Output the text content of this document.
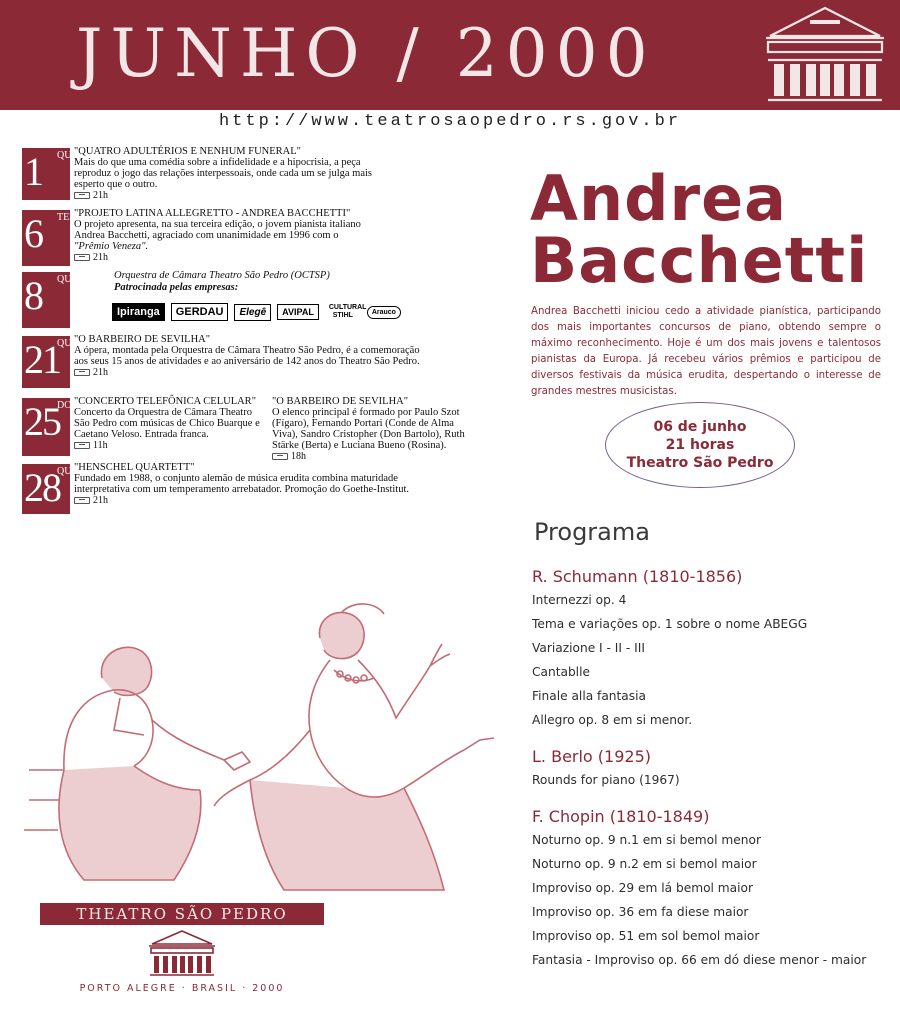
JUNHO / 2000
http://www.teatrosaopedro.rs.gov.br
1 QUI "QUATRO ADULTÉRIOS E NENHUM FUNERAL"
Mais do que uma comédia sobre a infidelidade e a hipocrisia, a peça
reproduz o jogo das relações interpessoais, onde cada um se julga mais
esperto que o outro.
21h
6 TER
"PROJETO LATINA ALLEGRETTO - ANDREA BACCHETTI"
O projeto apresenta, na sua terceira edição, o jovem pianista italiano
Andrea Bacchetti, agraciado com unanimidade em 1996 com o
"Prêmio Veneza".
21h
8 QUI	Orquestra de Câmara Theatro São Pedro (OCTSP)
Patrocinada pelas empresas:
Ipiranga	GERDAU	Elegê	AVIPAL	CULTURAL STIHL	Arauco
21
QUA
"O BARBEIRO DE SEVILHA"
A ópera, montada pela Orquestra de Câmara Theatro São Pedro, é a comemoração
aos seus 15 anos de atividades e ao aniversário de 142 anos do Theatro São Pedro.
21h
25
DOM
"CONCERTO TELEFÔNICA CELULAR"
Concerto da Orquestra de Câmara Theatro
São Pedro com músicas de Chico Buarque e
Caetano Veloso. Entrada franca.
11h
"O BARBEIRO DE SEVILHA"
O elenco principal é formado por Paulo Szot
(Fígaro), Fernando Portari (Conde de Alma
Viva), Sandro Cristopher (Don Bartolo), Ruth
Stärke (Berta) e Luciana Bueno (Rosina).
18h
28
QUA
"HENSCHEL QUARTETT"
Fundado em 1988, o conjunto alemão de música erudita combina maturidade
interpretativa com um temperamento arrebatador. Promoção do Goethe-Institut.
21h
Andrea
Bacchetti
Andrea Bacchetti iniciou cedo a atividade pianística, participando dos mais importantes concursos de piano, obtendo sempre o máximo reconhecimento. Hoje é um dos mais jovens e talentosos pianistas da Europa. Já recebeu vários prêmios e participou de diversos festivais da música erudita, despertando o interesse de grandes mestres musicistas.
06 de junho
21 horas
Theatro São Pedro
Programa
R. Schumann (1810-1856)
Internezzi op. 4
Tema e variações op. 1 sobre o nome ABEGG
Variazione I - II - III
Cantablle
Finale alla fantasia
Allegro op. 8 em si menor.
L. Berlo (1925)
Rounds for piano (1967)
F. Chopin (1810-1849)
Noturno op. 9 n.1 em si bemol menor
Noturno op. 9 n.2 em si bemol maior
Improviso op. 29 em lá bemol maior
Improviso op. 36 em fa diese maior
Improviso op. 51 em sol bemol maior
Fantasia - Improviso op. 66 em dó diese menor - maior
THEATRO SÃO PEDRO
PORTO ALEGRE · BRASIL · 2000
